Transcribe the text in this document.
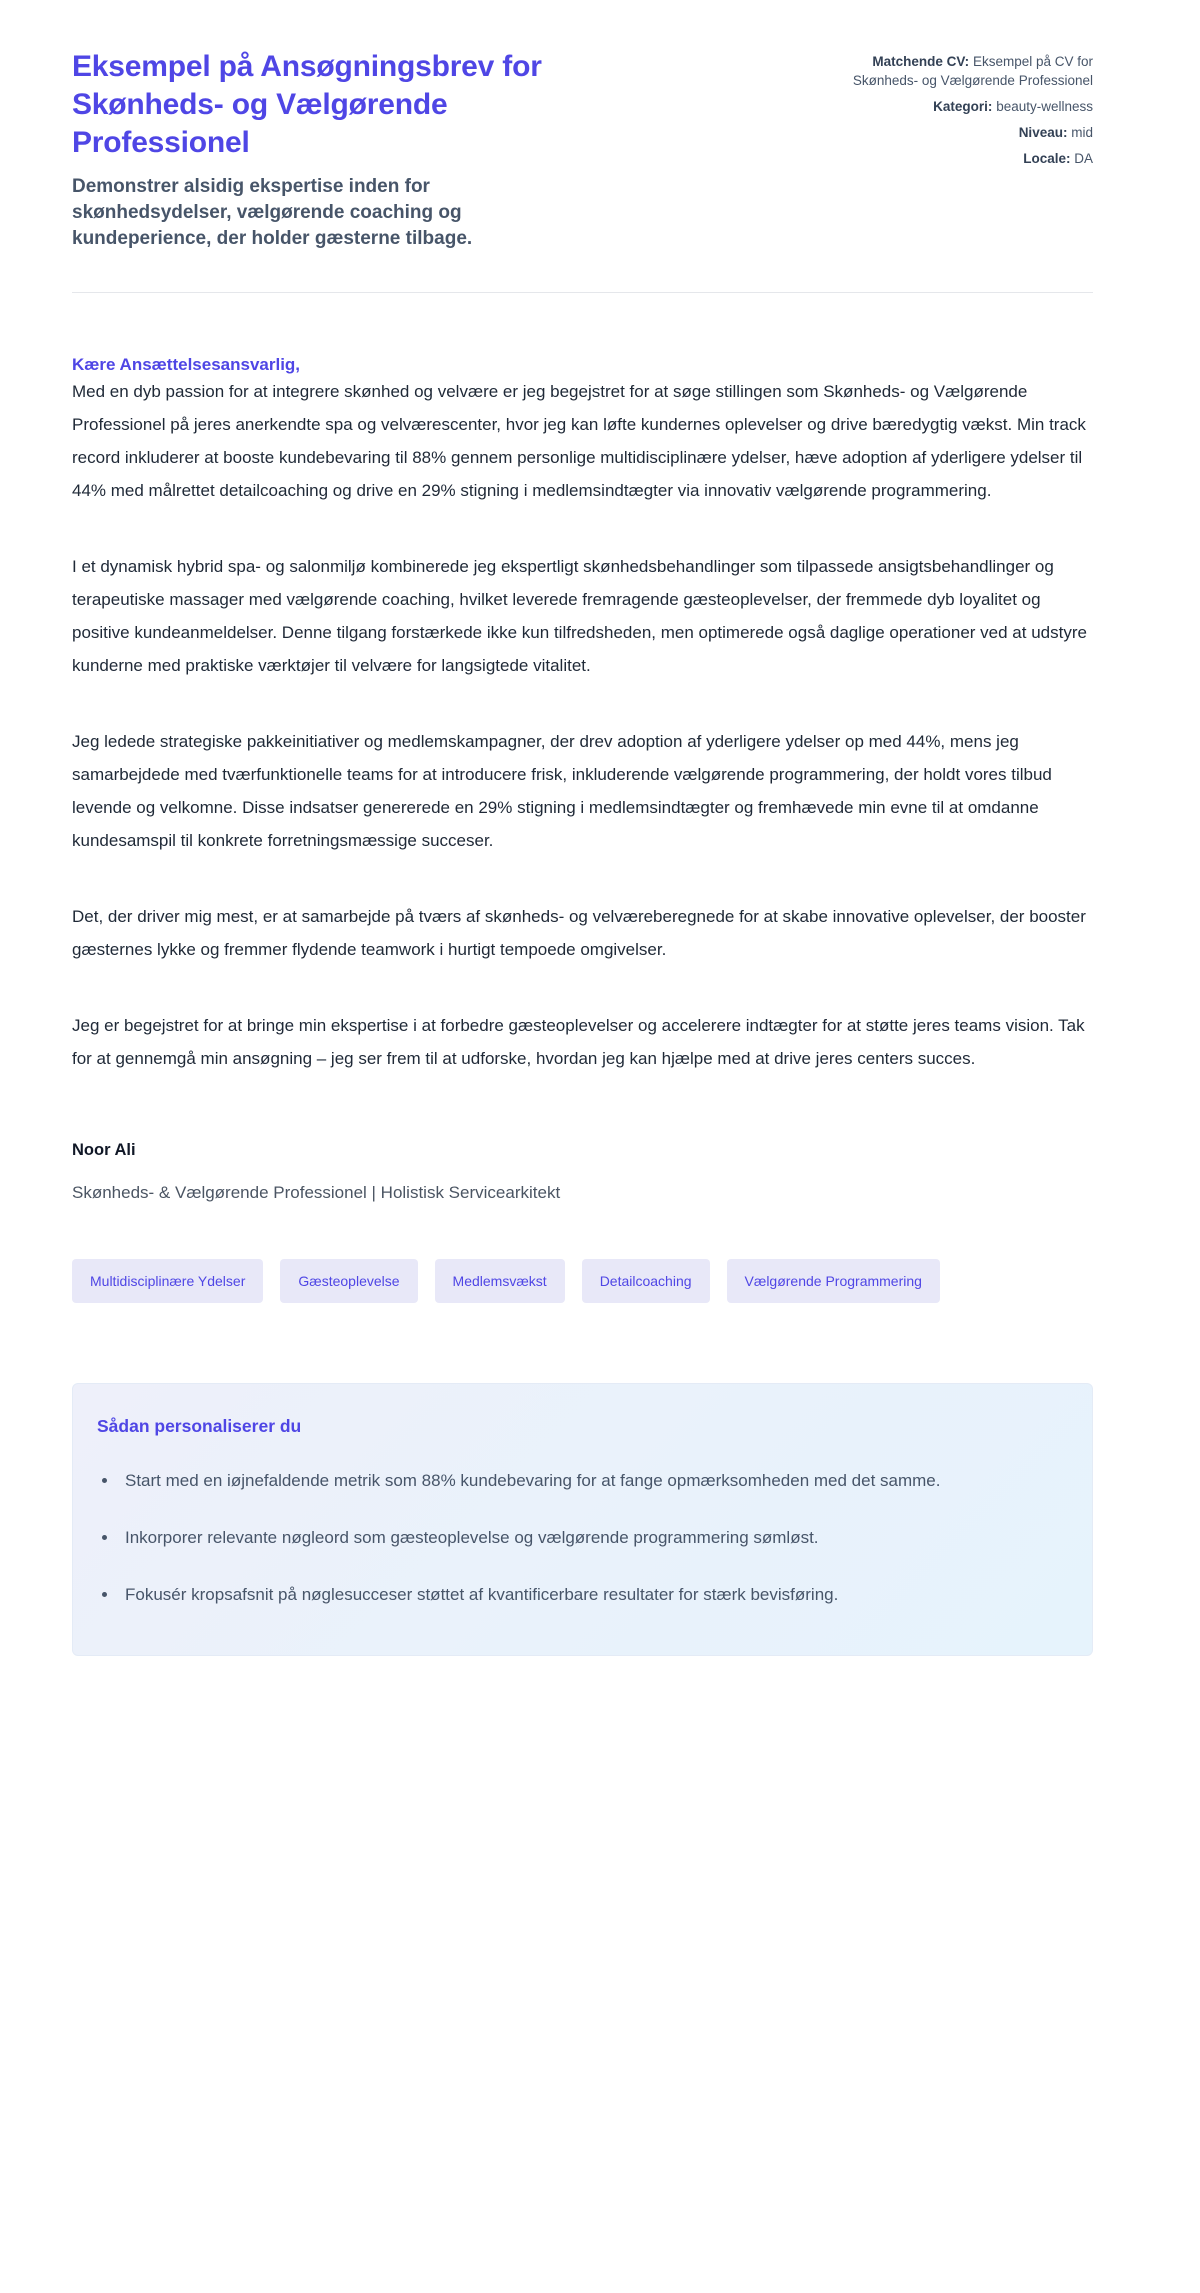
Eksempel på Ansøgningsbrev for Skønheds- og Vælgørende Professionel

Demonstrer alsidig ekspertise inden for skønhedsydelser, vælgørende coaching og kundeperience, der holder gæsterne tilbage.

Matchende CV: Eksempel på CV for Skønheds- og Vælgørende Professionel
Kategori: beauty-wellness
Niveau: mid
Locale: DA

Kære Ansættelsesansvarlig,

Med en dyb passion for at integrere skønhed og velvære er jeg begejstret for at søge stillingen som Skønheds- og Vælgørende Professionel på jeres anerkendte spa og velværescenter, hvor jeg kan løfte kundernes oplevelser og drive bæredygtig vækst. Min track record inkluderer at booste kundebevaring til 88% gennem personlige multidisciplinære ydelser, hæve adoption af yderligere ydelser til 44% med målrettet detailcoaching og drive en 29% stigning i medlemsindtægter via innovativ vælgørende programmering.

I et dynamisk hybrid spa- og salonmiljø kombinerede jeg ekspertligt skønhedsbehandlinger som tilpassede ansigtsbehandlinger og terapeutiske massager med vælgørende coaching, hvilket leverede fremragende gæsteoplevelser, der fremmede dyb loyalitet og positive kundeanmeldelser. Denne tilgang forstærkede ikke kun tilfredsheden, men optimerede også daglige operationer ved at udstyre kunderne med praktiske værktøjer til velvære for langsigtede vitalitet.

Jeg ledede strategiske pakkeinitiativer og medlemskampagner, der drev adoption af yderligere ydelser op med 44%, mens jeg samarbejdede med tværfunktionelle teams for at introducere frisk, inkluderende vælgørende programmering, der holdt vores tilbud levende og velkomne. Disse indsatser genererede en 29% stigning i medlemsindtægter og fremhævede min evne til at omdanne kundesamspil til konkrete forretningsmæssige succeser.

Det, der driver mig mest, er at samarbejde på tværs af skønheds- og velværeberegnede for at skabe innovative oplevelser, der booster gæsternes lykke og fremmer flydende teamwork i hurtigt tempoede omgivelser.

Jeg er begejstret for at bringe min ekspertise i at forbedre gæsteoplevelser og accelerere indtægter for at støtte jeres teams vision. Tak for at gennemgå min ansøgning – jeg ser frem til at udforske, hvordan jeg kan hjælpe med at drive jeres centers succes.

Noor Ali
Skønheds- & Vælgørende Professionel | Holistisk Servicearkitekt
Multidisciplinære Ydelser	Gæsteoplevelse	Medlemsvækst	Detailcoaching	Vælgørende Programmering
Sådan personaliserer du
• Start med en iøjnefaldende metrik som 88% kundebevaring for at fange opmærksomheden med det samme.
• Inkorporer relevante nøgleord som gæsteoplevelse og vælgørende programmering sømløst.
• Fokusér kropsafsnit på nøglesucceser støttet af kvantificerbare resultater for stærk bevisføring.
